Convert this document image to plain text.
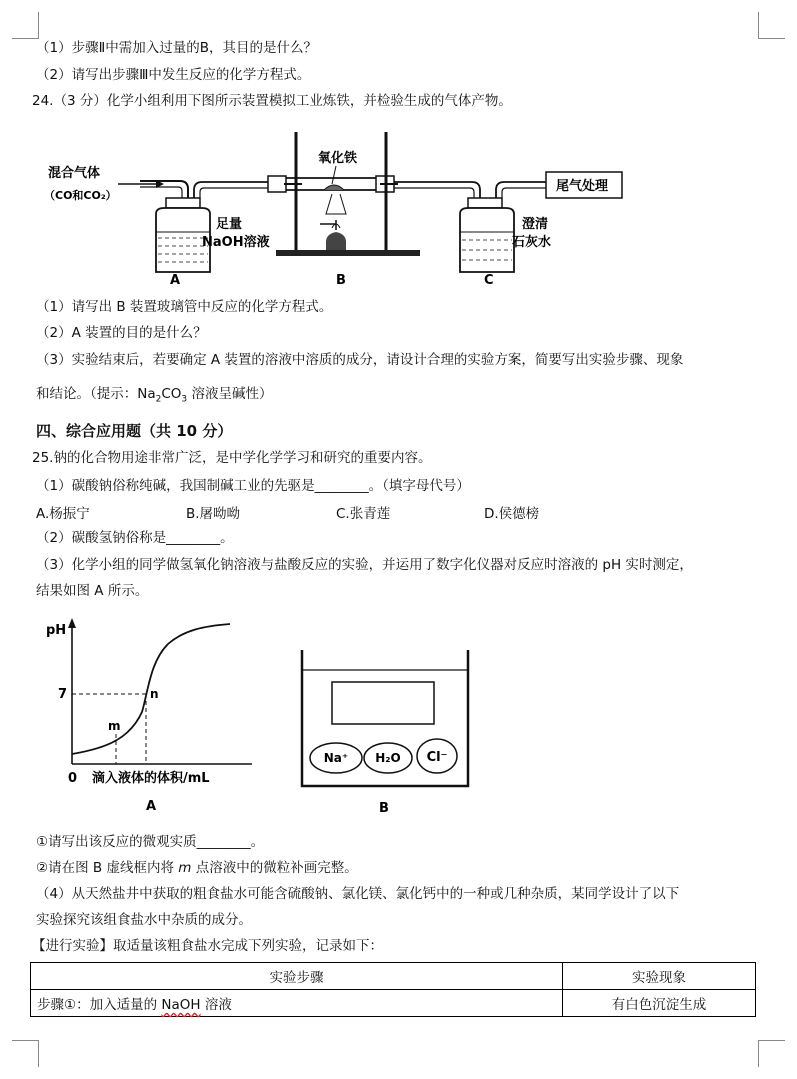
（1）步骤Ⅱ中需加入过量的B，其目的是什么？
（2）请写出步骤Ⅲ中发生反应的化学方程式。
24.（3 分）化学小组利用下图所示装置模拟工业炼铁，并检验生成的气体产物。
混合气体
（CO和CO₂）
足量
NaOH溶液
氧化铁
澄清
石灰水
尾气处理
A	B	C
（1）请写出 B 装置玻璃管中反应的化学方程式。
（2）A 装置的目的是什么？
（3）实验结束后，若要确定 A 装置的溶液中溶质的成分，请设计合理的实验方案，简要写出实验步骤、现象
和结论。（提示：$Na_2CO_3$ 溶液呈碱性）
四、综合应用题（共 10 分）
25.钠的化合物用途非常广泛，是中学化学学习和研究的重要内容。
（1）碳酸钠俗称纯碱，我国制碱工业的先驱是________。（填字母代号）
A.杨振宁	B.屠呦呦	C.张青莲	D.侯德榜
（2）碳酸氢钠俗称是________。
（3）化学小组的同学做氢氧化钠溶液与盐酸反应的实验，并运用了数字化仪器对反应时溶液的 pH 实时测定，
结果如图 A 所示。
pH
7
m
n
0 滴入液体的体积/mL
A
Na⁺ H₂O Cl⁻
B
①请写出该反应的微观实质________。
②请在图 B 虚线框内将 m 点溶液中的微粒补画完整。
（4）从天然盐井中获取的粗食盐水可能含硫酸钠、氯化镁、氯化钙中的一种或几种杂质，某同学设计了以下
实验探究该组食盐水中杂质的成分。
【进行实验】取适量该粗食盐水完成下列实验，记录如下：
实验步骤	实验现象
步骤①：加入适量的 NaOH 溶液	有白色沉淀生成
